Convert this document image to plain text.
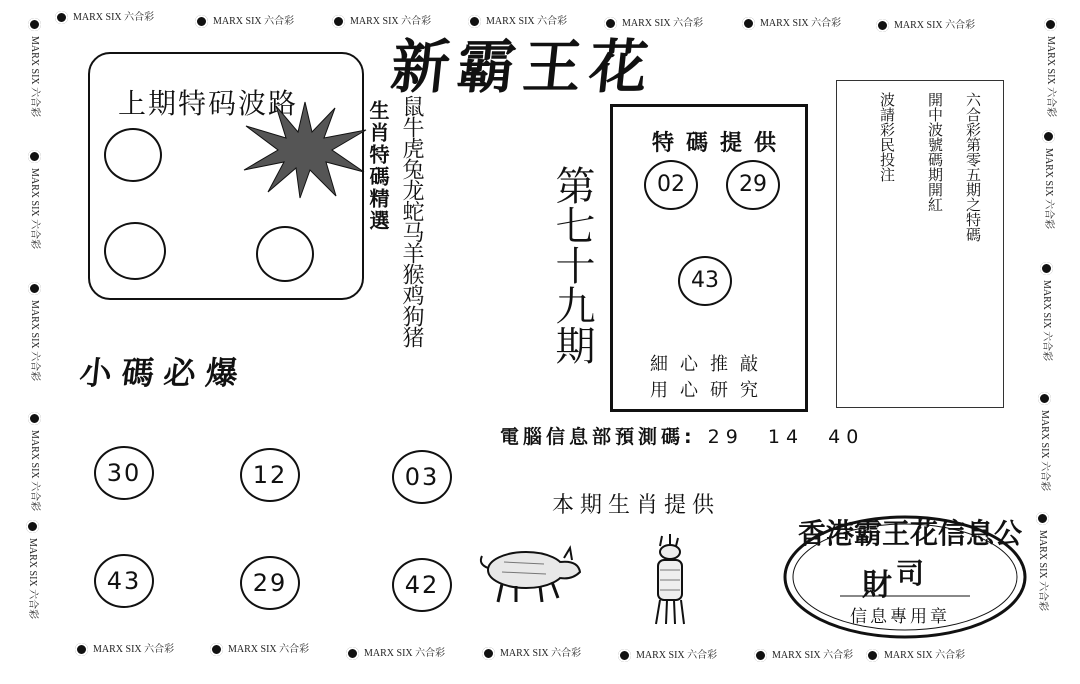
MARX SIX 六合彩	MARX SIX 六合彩	MARX SIX 六合彩	MARX SIX 六合彩	MARX SIX 六合彩	MARX SIX 六合彩	MARX SIX 六合彩
MARX SIX 六合彩	MARX SIX 六合彩	MARX SIX 六合彩	MARX SIX 六合彩	MARX SIX 六合彩	MARX SIX 六合彩	MARX SIX 六合彩
MARX SIX 六合彩
MARX SIX 六合彩
MARX SIX 六合彩
MARX SIX 六合彩
MARX SIX 六合彩
MARX SIX 六合彩
MARX SIX 六合彩
MARX SIX 六合彩
MARX SIX 六合彩
MARX SIX 六合彩
新霸王花
上期特码波路	生肖特碼精選 鼠牛虎兔龙蛇马羊猴鸡狗猪
小碼必爆
30	12	03
43	29	42
第七十九期
特碼提供
02	29
43
細心推敲
用心研究
六合彩第零五期之特碼
開中波號碼期開紅
波請彩民投注
電腦信息部預測碼: 29  14  40
本期生肖提供
香港霸王花信息公司
財
信息專用章
